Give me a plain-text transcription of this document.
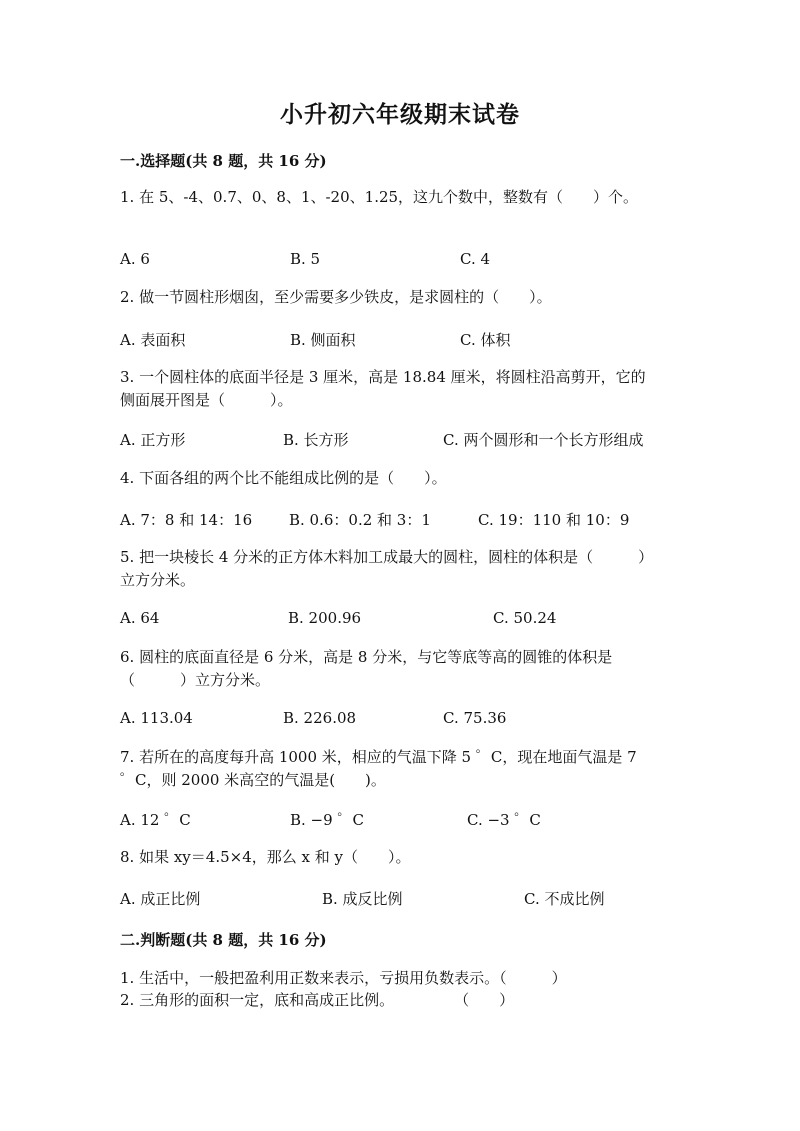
小升初六年级期末试卷
一.选择题(共 8 题，共 16 分)
1. 在 5、-4、0.7、0、8、1、-20、1.25，这九个数中，整数有（　　）个。
A. 6	B. 5	C. 4
2. 做一节圆柱形烟囱，至少需要多少铁皮，是求圆柱的（　　）。
A. 表面积	B. 侧面积	C. 体积
3. 一个圆柱体的底面半径是 3 厘米，高是 18.84 厘米，将圆柱沿高剪开，它的
侧面展开图是（　　　）。
A. 正方形	B. 长方形	C. 两个圆形和一个长方形组成
4. 下面各组的两个比不能组成比例的是（　　）。
A. 7：8 和 14：16 B. 0.6：0.2 和 3：1	C. 19：110 和 10：9
5. 把一块棱长 4 分米的正方体木料加工成最大的圆柱，圆柱的体积是（　　　）
立方分米。
A. 64	B. 200.96	C. 50.24
6. 圆柱的底面直径是 6 分米，高是 8 分米，与它等底等高的圆锥的体积是
（　　　）立方分米。
A. 113.04	B. 226.08	C. 75.36
7. 若所在的高度每升高 1000 米，相应的气温下降 5 ゜C，现在地面气温是 7
゜C，则 2000 米高空的气温是(　　)。
A. 12 ゜C	B. −9 ゜C	C. −3 ゜C
8. 如果 xy＝4.5×4，那么 x 和 y（　　）。
A. 成正比例	B. 成反比例	C. 不成比例
二.判断题(共 8 题，共 16 分)
1. 生活中，一般把盈利用正数来表示，亏损用负数表示。（　　　）
2. 三角形的面积一定，底和高成正比例。　　　　　（　　）
